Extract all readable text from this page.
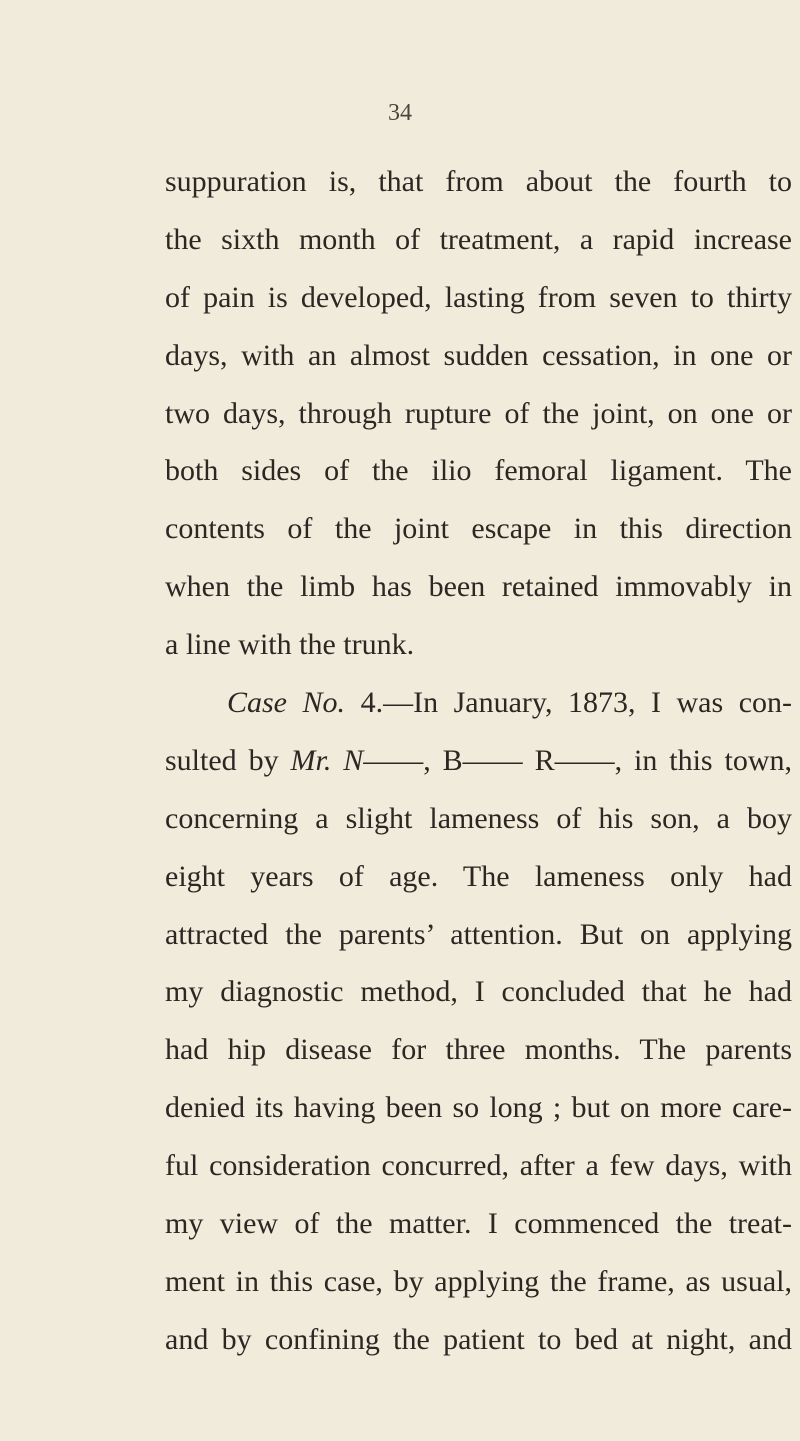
34
suppuration is, that from about the fourth to
the sixth month of treatment, a rapid increase
of pain is developed, lasting from seven to thirty
days, with an almost sudden cessation, in one or
two days, through rupture of the joint, on one or
both sides of the ilio femoral ligament. The
contents of the joint escape in this direction
when the limb has been retained immovably in
a line with the trunk.
Case No. 4.—In January, 1873, I was con-
sulted by Mr. N——, B—— R——, in this town,
concerning a slight lameness of his son, a boy
eight years of age. The lameness only had
attracted the parents’ attention. But on applying
my diagnostic method, I concluded that he had
had hip disease for three months. The parents
denied its having been so long ; but on more care-
ful consideration concurred, after a few days, with
my view of the matter. I commenced the treat-
ment in this case, by applying the frame, as usual,
and by confining the patient to bed at night, and
